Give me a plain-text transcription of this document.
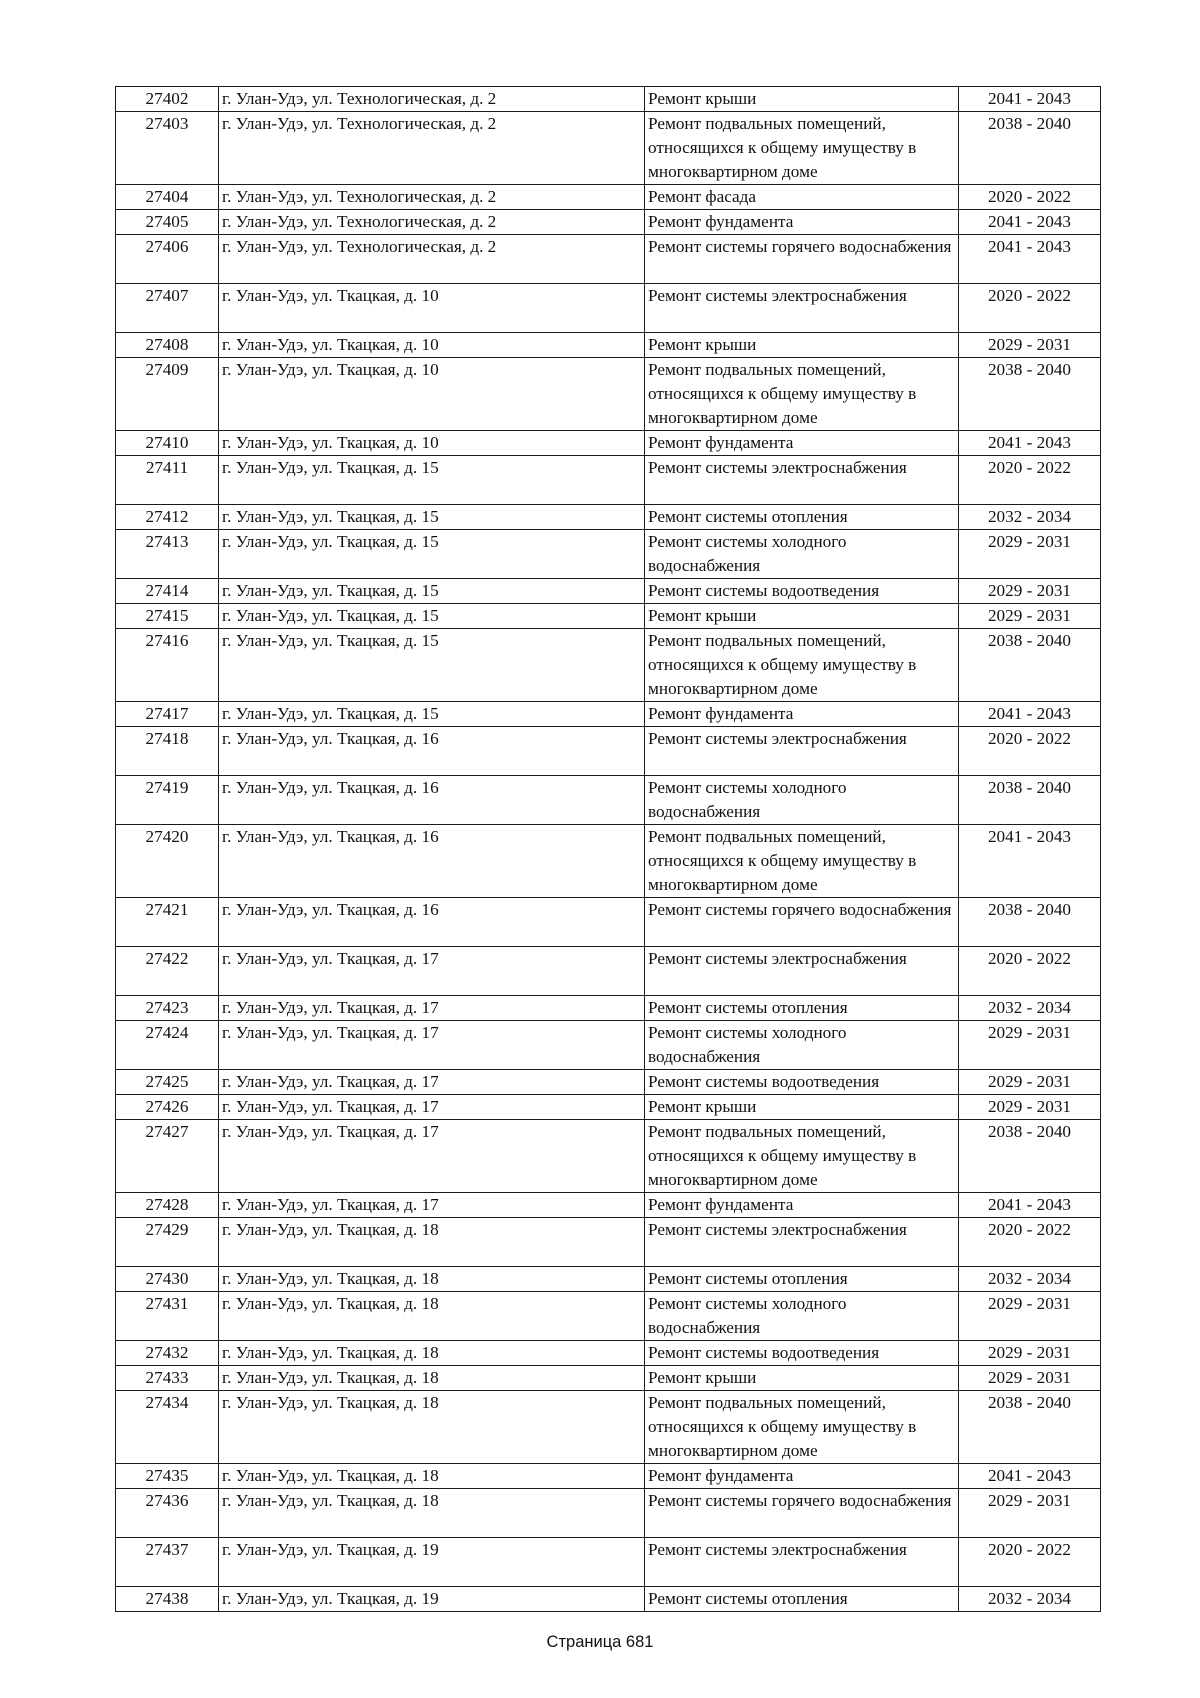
27402	г. Улан-Удэ, ул. Технологическая, д. 2	Ремонт крыши	2041 - 2043
27403	г. Улан-Удэ, ул. Технологическая, д. 2	Ремонт подвальных помещений, относящихся к общему имуществу в многоквартирном доме	2038 - 2040
27404	г. Улан-Удэ, ул. Технологическая, д. 2	Ремонт фасада	2020 - 2022
27405	г. Улан-Удэ, ул. Технологическая, д. 2	Ремонт фундамента	2041 - 2043
27406	г. Улан-Удэ, ул. Технологическая, д. 2	Ремонт системы горячего водоснабжения	2041 - 2043
27407	г. Улан-Удэ, ул. Ткацкая, д. 10	Ремонт системы электроснабжения	2020 - 2022
27408	г. Улан-Удэ, ул. Ткацкая, д. 10	Ремонт крыши	2029 - 2031
27409	г. Улан-Удэ, ул. Ткацкая, д. 10	Ремонт подвальных помещений, относящихся к общему имуществу в многоквартирном доме	2038 - 2040
27410	г. Улан-Удэ, ул. Ткацкая, д. 10	Ремонт фундамента	2041 - 2043
27411	г. Улан-Удэ, ул. Ткацкая, д. 15	Ремонт системы электроснабжения	2020 - 2022
27412	г. Улан-Удэ, ул. Ткацкая, д. 15	Ремонт системы отопления	2032 - 2034
27413	г. Улан-Удэ, ул. Ткацкая, д. 15	Ремонт системы холодного водоснабжения	2029 - 2031
27414	г. Улан-Удэ, ул. Ткацкая, д. 15	Ремонт системы водоотведения	2029 - 2031
27415	г. Улан-Удэ, ул. Ткацкая, д. 15	Ремонт крыши	2029 - 2031
27416	г. Улан-Удэ, ул. Ткацкая, д. 15	Ремонт подвальных помещений, относящихся к общему имуществу в многоквартирном доме	2038 - 2040
27417	г. Улан-Удэ, ул. Ткацкая, д. 15	Ремонт фундамента	2041 - 2043
27418	г. Улан-Удэ, ул. Ткацкая, д. 16	Ремонт системы электроснабжения	2020 - 2022
27419	г. Улан-Удэ, ул. Ткацкая, д. 16	Ремонт системы холодного водоснабжения	2038 - 2040
27420	г. Улан-Удэ, ул. Ткацкая, д. 16	Ремонт подвальных помещений, относящихся к общему имуществу в многоквартирном доме	2041 - 2043
27421	г. Улан-Удэ, ул. Ткацкая, д. 16	Ремонт системы горячего водоснабжения	2038 - 2040
27422	г. Улан-Удэ, ул. Ткацкая, д. 17	Ремонт системы электроснабжения	2020 - 2022
27423	г. Улан-Удэ, ул. Ткацкая, д. 17	Ремонт системы отопления	2032 - 2034
27424	г. Улан-Удэ, ул. Ткацкая, д. 17	Ремонт системы холодного водоснабжения	2029 - 2031
27425	г. Улан-Удэ, ул. Ткацкая, д. 17	Ремонт системы водоотведения	2029 - 2031
27426	г. Улан-Удэ, ул. Ткацкая, д. 17	Ремонт крыши	2029 - 2031
27427	г. Улан-Удэ, ул. Ткацкая, д. 17	Ремонт подвальных помещений, относящихся к общему имуществу в многоквартирном доме	2038 - 2040
27428	г. Улан-Удэ, ул. Ткацкая, д. 17	Ремонт фундамента	2041 - 2043
27429	г. Улан-Удэ, ул. Ткацкая, д. 18	Ремонт системы электроснабжения	2020 - 2022
27430	г. Улан-Удэ, ул. Ткацкая, д. 18	Ремонт системы отопления	2032 - 2034
27431	г. Улан-Удэ, ул. Ткацкая, д. 18	Ремонт системы холодного водоснабжения	2029 - 2031
27432	г. Улан-Удэ, ул. Ткацкая, д. 18	Ремонт системы водоотведения	2029 - 2031
27433	г. Улан-Удэ, ул. Ткацкая, д. 18	Ремонт крыши	2029 - 2031
27434	г. Улан-Удэ, ул. Ткацкая, д. 18	Ремонт подвальных помещений, относящихся к общему имуществу в многоквартирном доме	2038 - 2040
27435	г. Улан-Удэ, ул. Ткацкая, д. 18	Ремонт фундамента	2041 - 2043
27436	г. Улан-Удэ, ул. Ткацкая, д. 18	Ремонт системы горячего водоснабжения	2029 - 2031
27437	г. Улан-Удэ, ул. Ткацкая, д. 19	Ремонт системы электроснабжения	2020 - 2022
27438	г. Улан-Удэ, ул. Ткацкая, д. 19	Ремонт системы отопления	2032 - 2034
Страница 681
